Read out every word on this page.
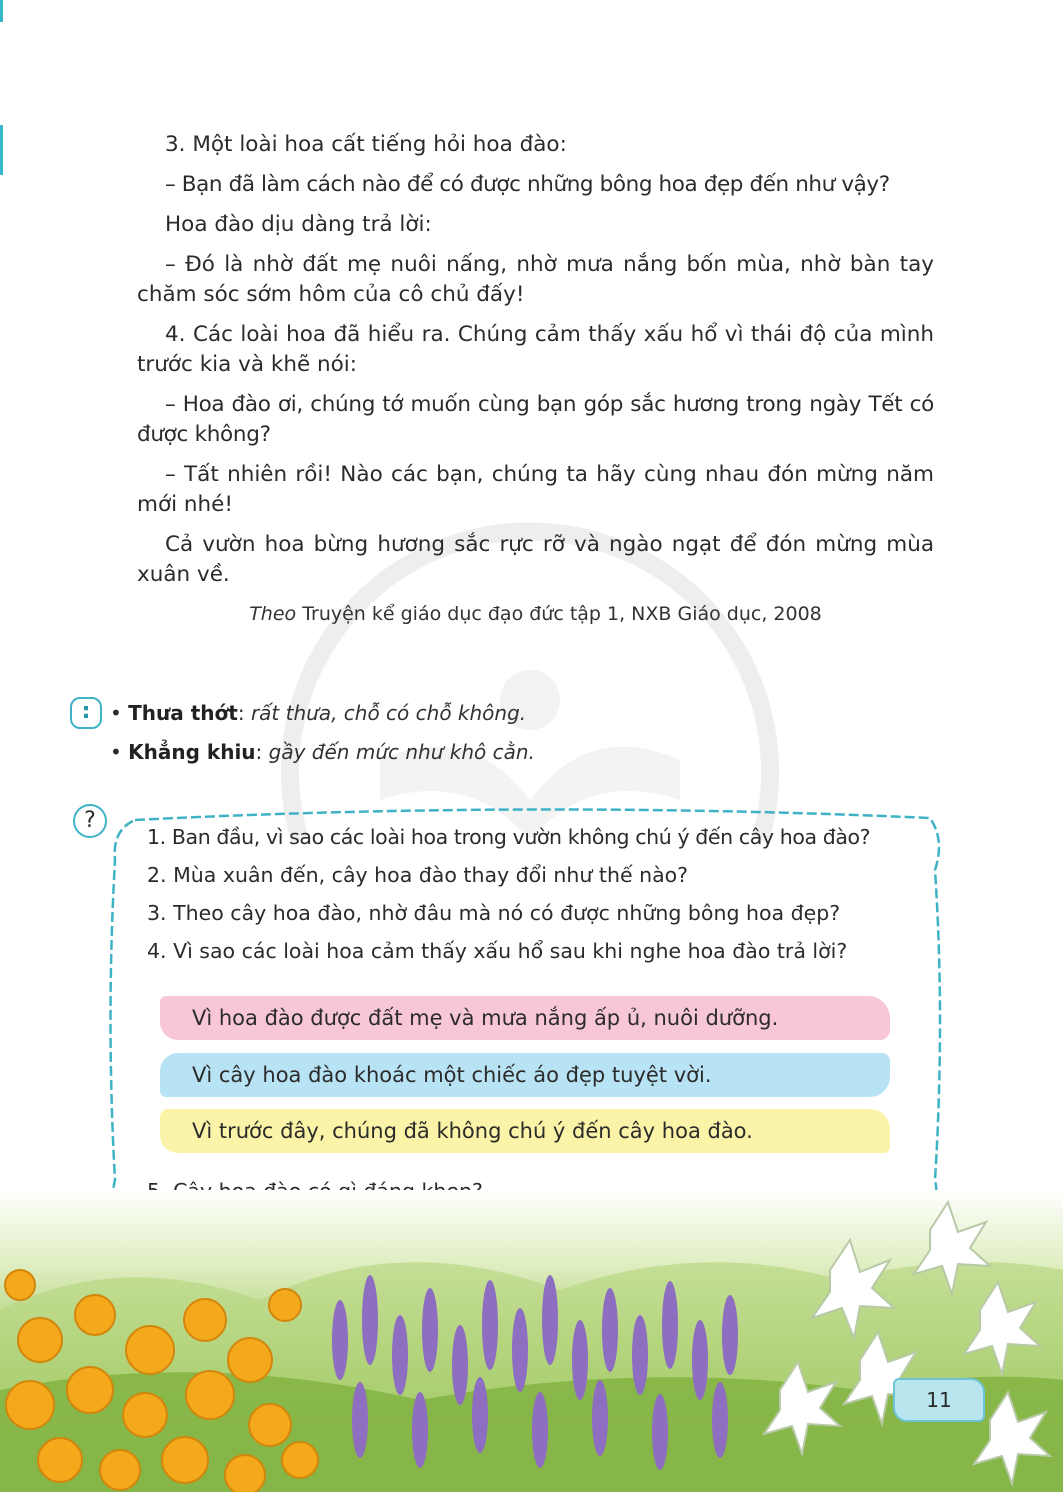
3. Một loài hoa cất tiếng hỏi hoa đào:

– Bạn đã làm cách nào để có được những bông hoa đẹp đến như vậy?

Hoa đào dịu dàng trả lời:

– Đó là nhờ đất mẹ nuôi nấng, nhờ mưa nắng bốn mùa, nhờ bàn tay chăm sóc sớm hôm của cô chủ đấy!

4. Các loài hoa đã hiểu ra. Chúng cảm thấy xấu hổ vì thái độ của mình trước kia và khẽ nói:

– Hoa đào ơi, chúng tớ muốn cùng bạn góp sắc hương trong ngày Tết có được không?

– Tất nhiên rồi! Nào các bạn, chúng ta hãy cùng nhau đón mừng năm mới nhé!

Cả vườn hoa bừng hương sắc rực rỡ và ngào ngạt để đón mừng mùa xuân về.

Theo Truyện kể giáo dục đạo đức tập 1, NXB Giáo dục, 2008
: • Thưa thớt: rất thưa, chỗ có chỗ không.
• Khẳng khiu: gầy đến mức như khô cằn.
?
1. Ban đầu, vì sao các loài hoa trong vườn không chú ý đến cây hoa đào?
2. Mùa xuân đến, cây hoa đào thay đổi như thế nào?
3. Theo cây hoa đào, nhờ đâu mà nó có được những bông hoa đẹp?
4. Vì sao các loài hoa cảm thấy xấu hổ sau khi nghe hoa đào trả lời?
Vì hoa đào được đất mẹ và mưa nắng ấp ủ, nuôi dưỡng.
Vì cây hoa đào khoác một chiếc áo đẹp tuyệt vời.
Vì trước đây, chúng đã không chú ý đến cây hoa đào.
11
